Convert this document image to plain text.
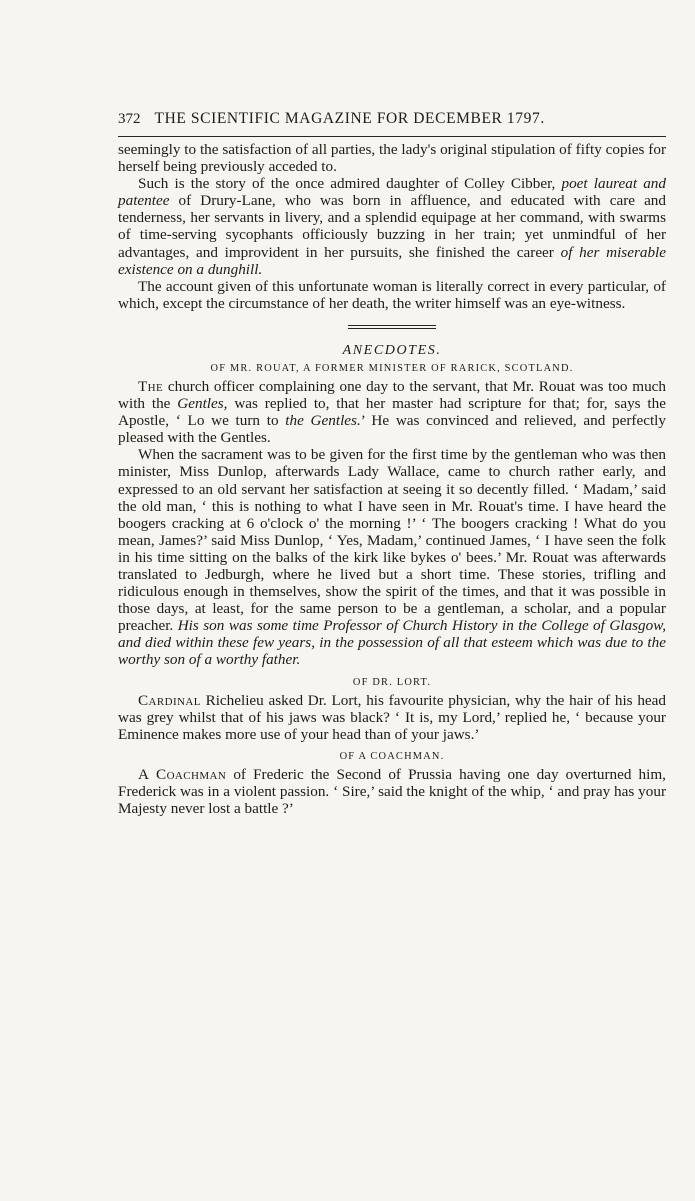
372 THE SCIENTIFIC MAGAZINE FOR DECEMBER 1797.

seemingly to the satisfaction of all parties, the lady's original stipulation of fifty copies for herself being previously acceded to.

Such is the story of the once admired daughter of Colley Cibber, poet laureat and patentee of Drury-Lane, who was born in affluence, and educated with care and tenderness, her servants in livery, and a splendid equipage at her command, with swarms of time-serving sycophants officiously buzzing in her train; yet unmindful of her advantages, and improvident in her pursuits, she finished the career of her miserable existence on a dunghill.

The account given of this unfortunate woman is literally correct in every particular, of which, except the circumstance of her death, the writer himself was an eye-witness.

ANECDOTES.
OF MR. ROUAT, A FORMER MINISTER OF RARICK, SCOTLAND.

The church officer complaining one day to the servant, that Mr. Rouat was too much with the Gentles, was replied to, that her master had scripture for that; for, says the Apostle, ‘ Lo we turn to the Gentles.’ He was convinced and relieved, and perfectly pleased with the Gentles.

When the sacrament was to be given for the first time by the gentleman who was then minister, Miss Dunlop, afterwards Lady Wallace, came to church rather early, and expressed to an old servant her satisfaction at seeing it so decently filled. ‘ Madam,’ said the old man, ‘ this is nothing to what I have seen in Mr. Rouat's time. I have heard the boogers cracking at 6 o'clock o' the morning !’ ‘ The boogers cracking ! What do you mean, James?’ said Miss Dunlop, ‘ Yes, Madam,’ continued James, ‘ I have seen the folk in his time sitting on the balks of the kirk like bykes o' bees.’ Mr. Rouat was afterwards translated to Jedburgh, where he lived but a short time. These stories, trifling and ridiculous enough in themselves, show the spirit of the times, and that it was possible in those days, at least, for the same person to be a gentleman, a scholar, and a popular preacher. His son was some time Professor of Church History in the College of Glasgow, and died within these few years, in the possession of all that esteem which was due to the worthy son of a worthy father.

OF DR. LORT.

Cardinal Richelieu asked Dr. Lort, his favourite physician, why the hair of his head was grey whilst that of his jaws was black? ‘ It is, my Lord,’ replied he, ‘ because your Eminence makes more use of your head than of your jaws.’

OF A COACHMAN.

A Coachman of Frederic the Second of Prussia having one day overturned him, Frederick was in a violent passion. ‘ Sire,’ said the knight of the whip, ‘ and pray has your Majesty never lost a battle ?’
